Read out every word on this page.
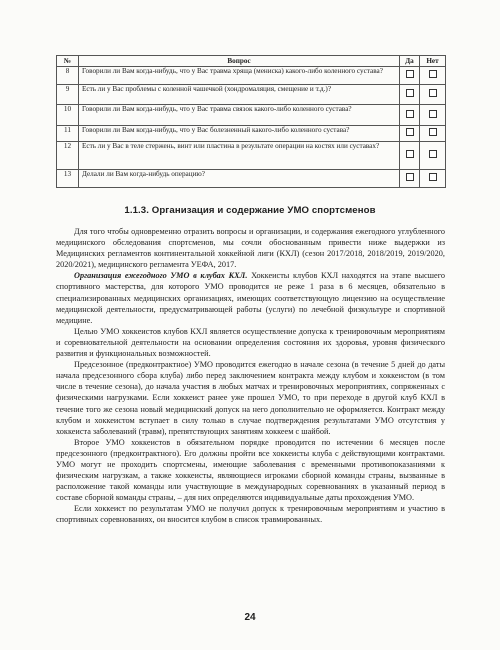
№	Вопрос	Да	Нет
8	Говорили ли Вам когда-нибудь, что у Вас травма хряща (мениска) какого-либо коленного сустава?		
9	Есть ли у Вас проблемы с коленной чашечкой (хондромаляция, смещение и т.д.)?		
10	Говорили ли Вам когда-нибудь, что у Вас травма связок какого-либо коленного сустава?		
11	Говорили ли Вам когда-нибудь, что у Вас болезненный какого-либо коленного сустава?		
12	Есть ли у Вас в теле стержень, винт или пластина в результате операции на костях или суставах?		
13	Делали ли Вам когда-нибудь операцию?		
1.1.3. Организация и содержание УМО спортсменов

Для того чтобы одновременно отразить вопросы и организации, и содержания ежегодного углубленного медицинского обследования спортсменов, мы сочли обоснованным привести ниже выдержки из Медицинских регламентов континентальной хоккейной лиги (КХЛ) (сезон 2017/2018, 2018/2019, 2019/2020, 2020/2021), медицинского регламента УЕФА, 2017.

Организация ежегодного УМО в клубах КХЛ. Хоккеисты клубов КХЛ находятся на этапе высшего спортивного мастерства, для которого УМО проводится не реже 1 раза в 6 месяцев, обязательно в специализированных медицинских организациях, имеющих соответствующую лицензию на осуществление медицинской деятельности, предусматривающей работы (услуги) по лечебной физкультуре и спортивной медицине.

Целью УМО хоккеистов клубов КХЛ является осуществление допуска к тренировочным мероприятиям и соревновательной деятельности на основании определения состояния их здоровья, уровня физического развития и функциональных возможностей.

Предсезонное (предконтрактное) УМО проводится ежегодно в начале сезона (в течение 5 дней до даты начала предсезонного сбора клуба) либо перед заключением контракта между клубом и хоккеистом (в том числе в течение сезона), до начала участия в любых матчах и тренировочных мероприятиях, сопряженных с физическими нагрузками. Если хоккеист ранее уже прошел УМО, то при переходе в другой клуб КХЛ в течение того же сезона новый медицинский допуск на него дополнительно не оформляется. Контракт между клубом и хоккеистом вступает в силу только в случае подтверждения результатами УМО отсутствия у хоккеиста заболеваний (травм), препятствующих занятиям хоккеем с шайбой.

Второе УМО хоккеистов в обязательном порядке проводится по истечении 6 месяцев после предсезонного (предконтрактного). Его должны пройти все хоккеисты клуба с действующими контрактами. УМО могут не проходить спортсмены, имеющие заболевания с временными противопоказаниями к физическим нагрузкам, а также хоккеисты, являющиеся игроками сборной команды страны, вызванные в расположение такой команды или участвующие в международных соревнованиях в указанный период в составе сборной команды страны, – для них определяются индивидуальные даты прохождения УМО.

Если хоккеист по результатам УМО не получил допуск к тренировочным мероприятиям и участию в спортивных соревнованиях, он вносится клубом в список травмированных.

24
